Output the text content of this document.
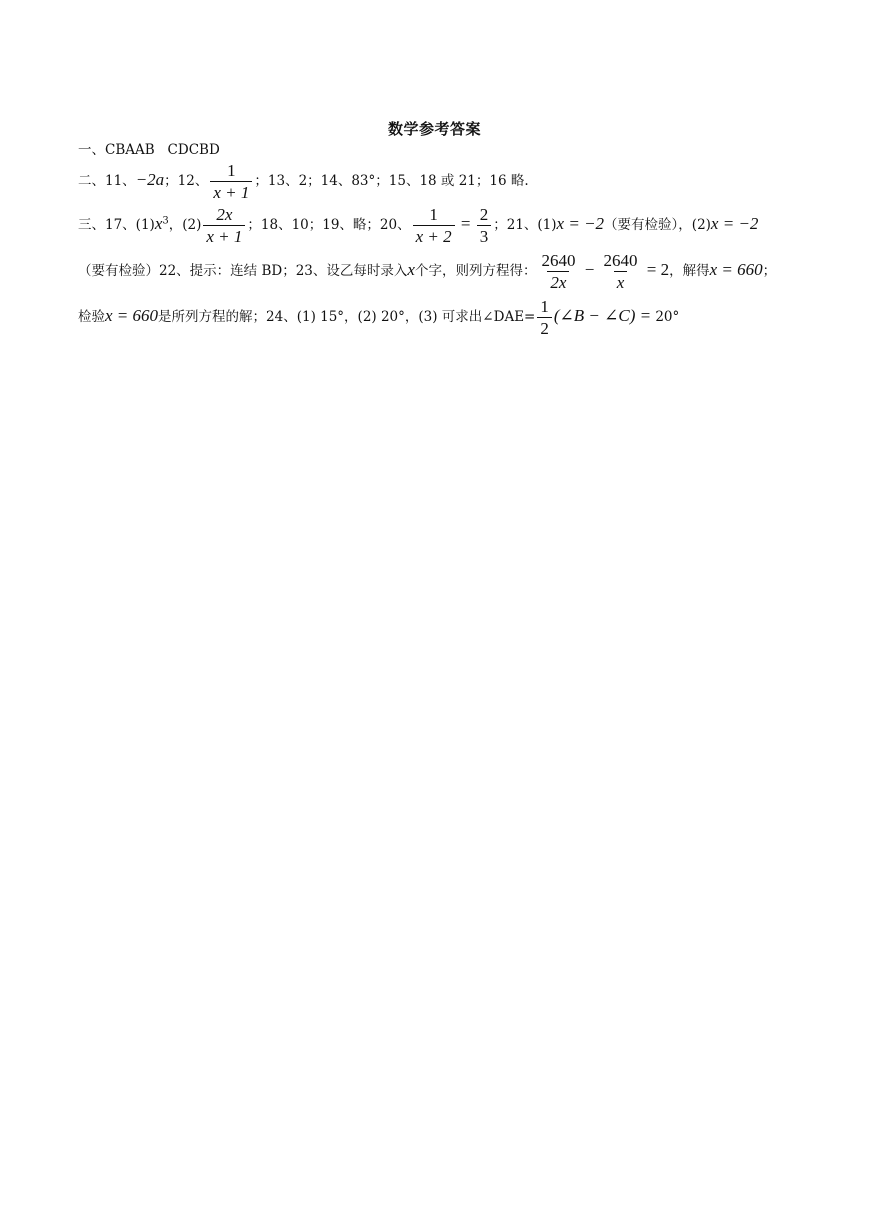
数学参考答案
一、CBAAB   CDCBD
二、11、−2a；12、 $\frac{1}{x + 1}$ ；13、2；14、83°；15、18 或 21；16 略.
三、17、$(1)x^3$，$(2) \frac{2x}{x + 1}$ ；18、10；19、略；20、 $\frac{1}{x + 2} = \frac{2}{3}$ ；21、(1)x = −2（要有检验），(2)x = −2
（要有检验）22、提示：连结 BD；23、设乙每时录入x个字，则列方程得： $\frac{2640}{2x} - \frac{2640}{x} = 2$，解得x = 660；
检验x = 660是所列方程的解；24、(1) 15°，(2) 20°，(3) 可求出∠DAE= $\frac{1}{2}$ (∠B − ∠C) = 20°
